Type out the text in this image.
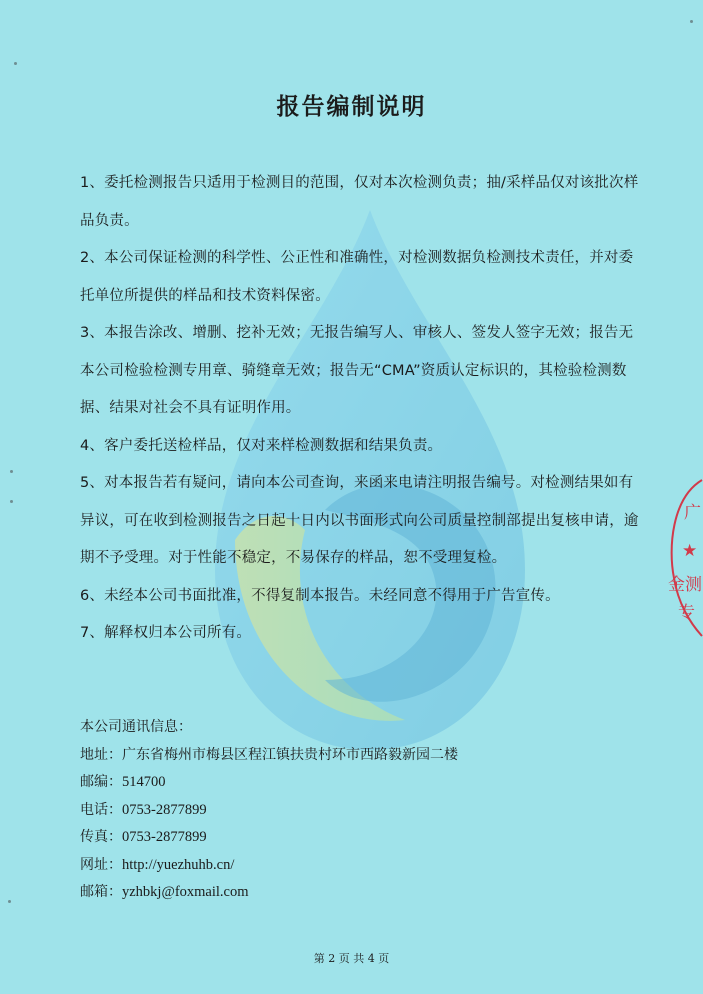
报告编制说明

1、委托检测报告只适用于检测目的范围，仅对本次检测负责；抽/采样品仅对该批次样品负责。

2、本公司保证检测的科学性、公正性和准确性，对检测数据负检测技术责任，并对委托单位所提供的样品和技术资料保密。

3、本报告涂改、增删、挖补无效；无报告编写人、审核人、签发人签字无效；报告无本公司检验检测专用章、骑缝章无效；报告无“CMA”资质认定标识的，其检验检测数据、结果对社会不具有证明作用。

4、客户委托送检样品，仅对来样检测数据和结果负责。

5、对本报告若有疑问，请向本公司查询，来函来电请注明报告编号。对检测结果如有异议，可在收到检测报告之日起十日内以书面形式向公司质量控制部提出复核申请，逾期不予受理。对于性能不稳定，不易保存的样品，恕不受理复检。

6、未经本公司书面批准，不得复制本报告。未经同意不得用于广告宣传。

7、解释权归本公司所有。

本公司通讯信息：

地址：广东省梅州市梅县区程江镇扶贵村环市西路毅新园二楼

邮编：514700

电话：0753-2877899

传真：0753-2877899

网址：http://yuezhuhb.cn/

邮箱：yzhbkj@foxmail.com

第 2 页 共 4 页
广
★
金测
专
